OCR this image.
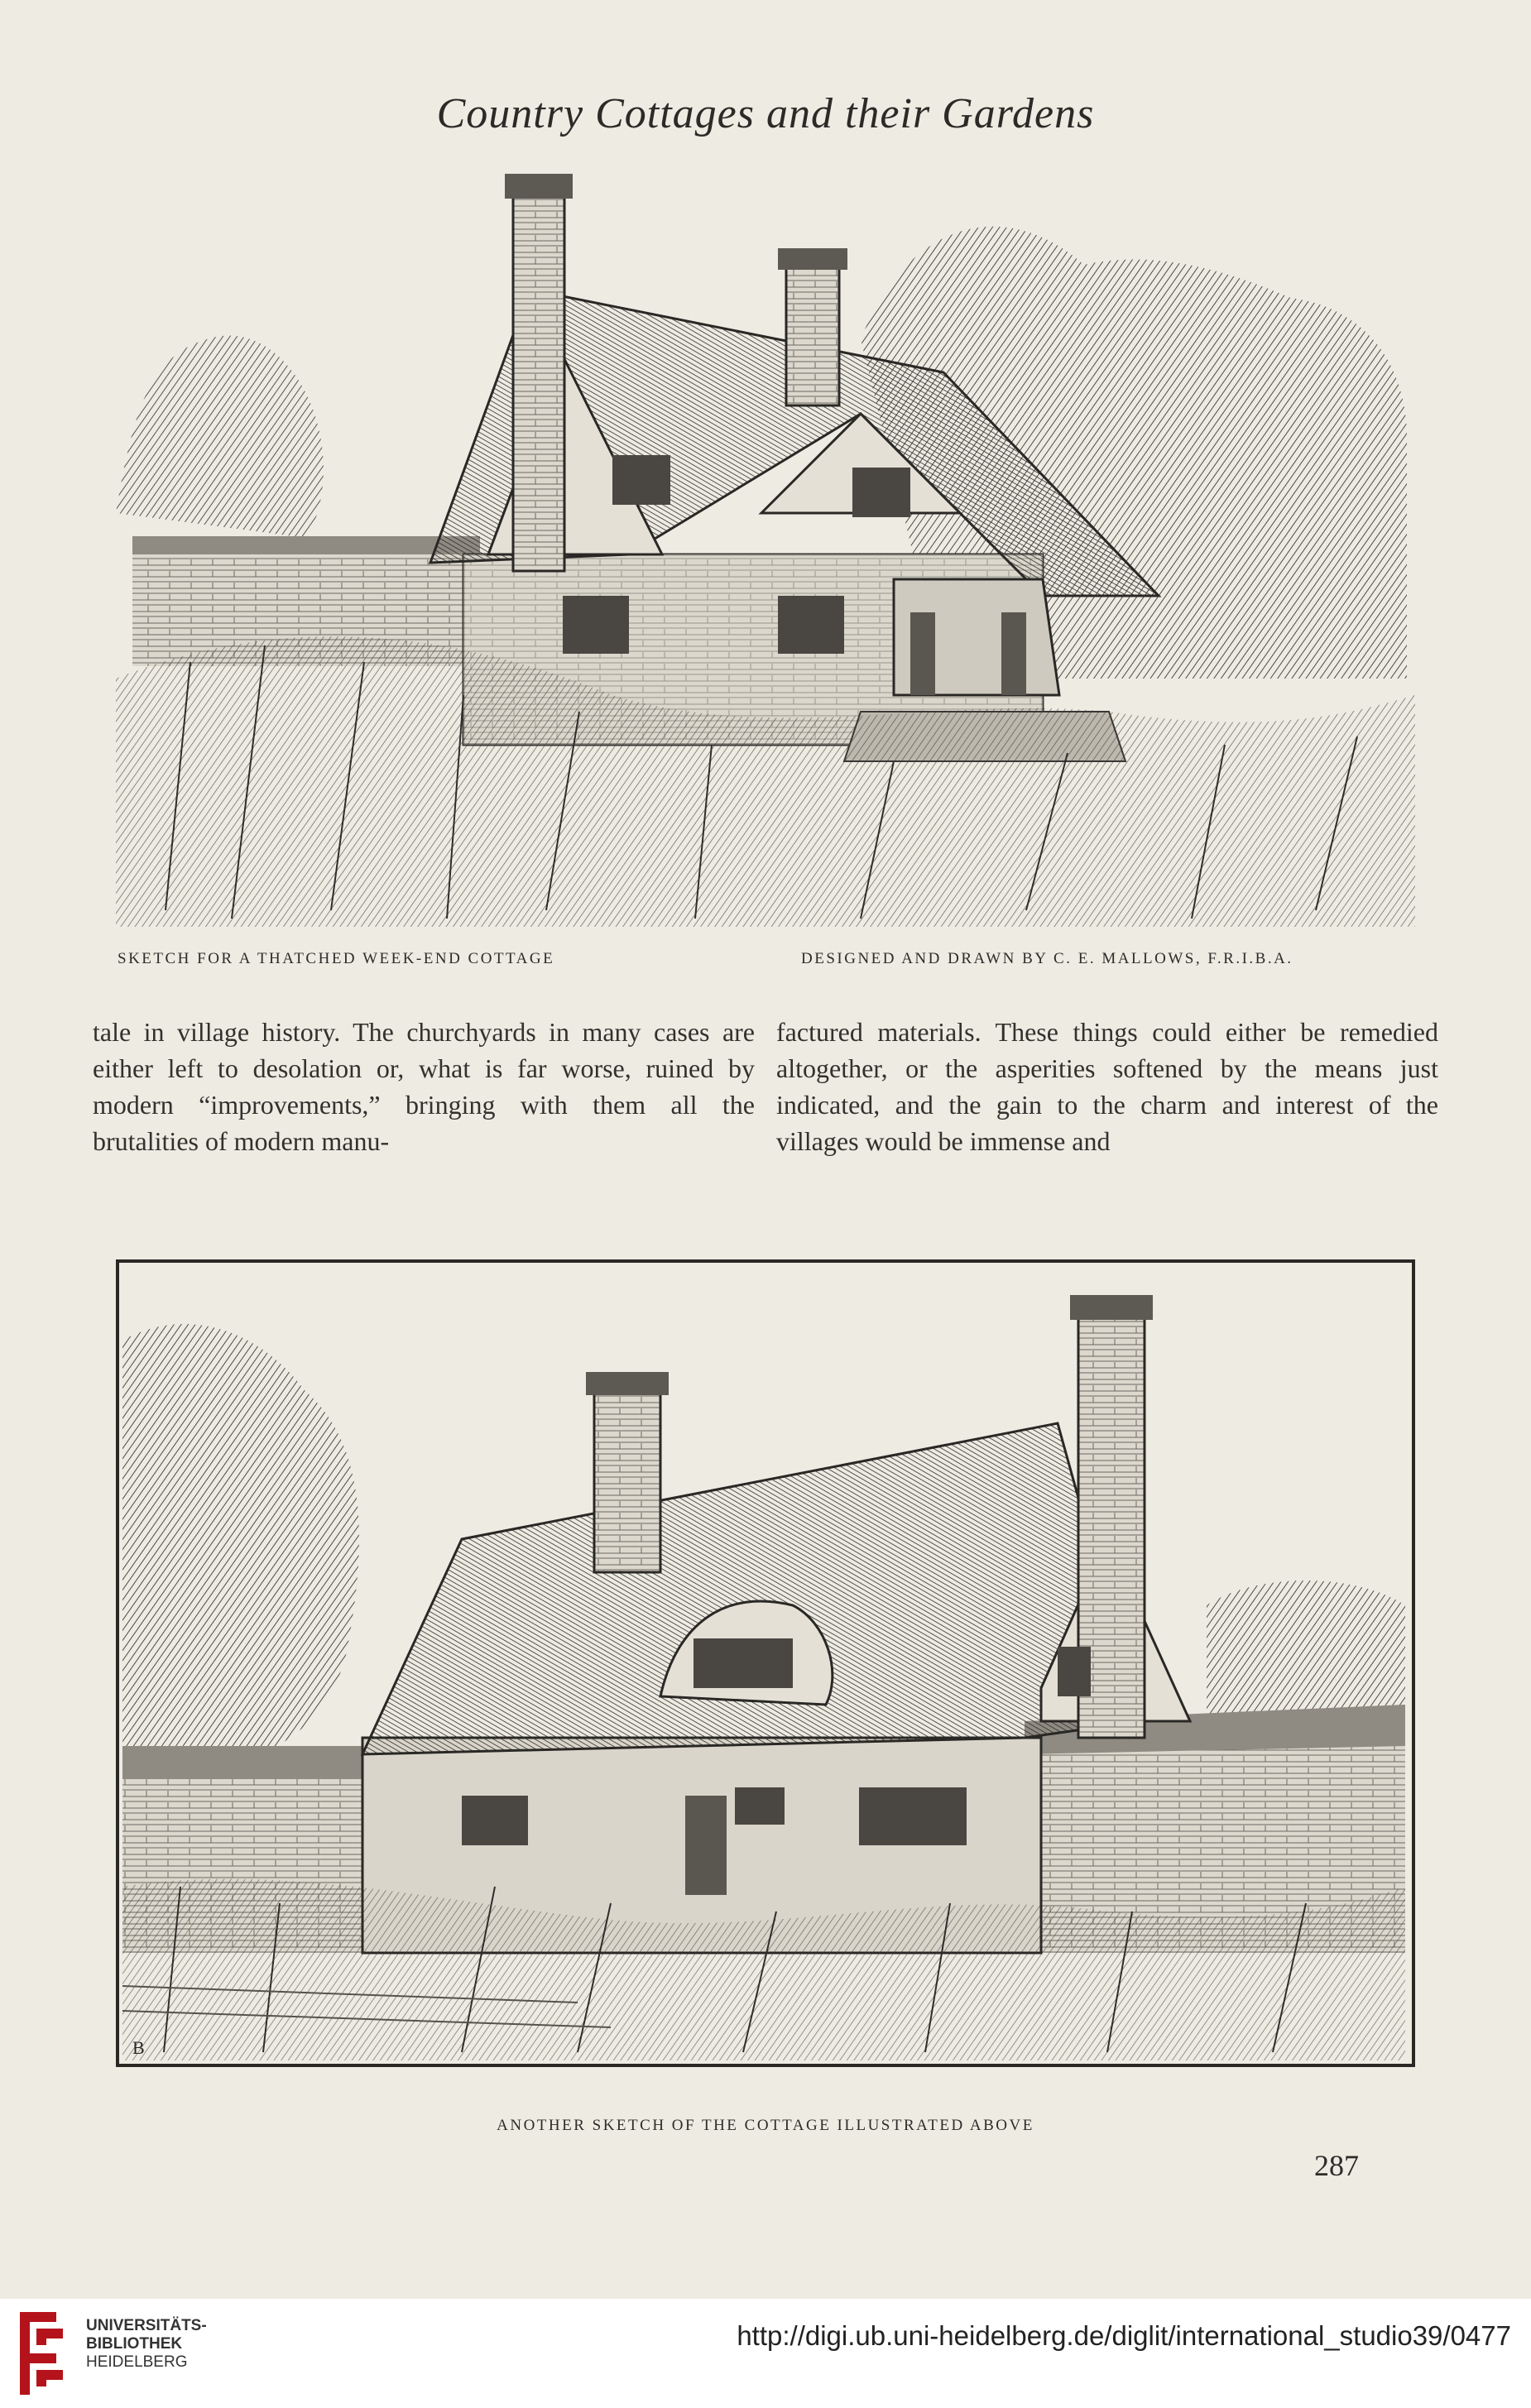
Country Cottages and their Gardens
SKETCH FOR A THATCHED WEEK-END COTTAGE	DESIGNED AND DRAWN BY C. E. MALLOWS, F.R.I.B.A.

tale in village history. The churchyards in many cases are either left to desolation or, what is far worse, ruined by modern “improvements,” bringing with them all the brutalities of modern manu-

factured materials. These things could either be remedied altogether, or the asperities softened by the means just indicated, and the gain to the charm and interest of the villages would be immense and

B
ANOTHER SKETCH OF THE COTTAGE ILLUSTRATED ABOVE
287
UNIVERSITÄTS-
BIBLIOTHEK
HEIDELBERG
http://digi.ub.uni-heidelberg.de/diglit/international_studio39/0477
